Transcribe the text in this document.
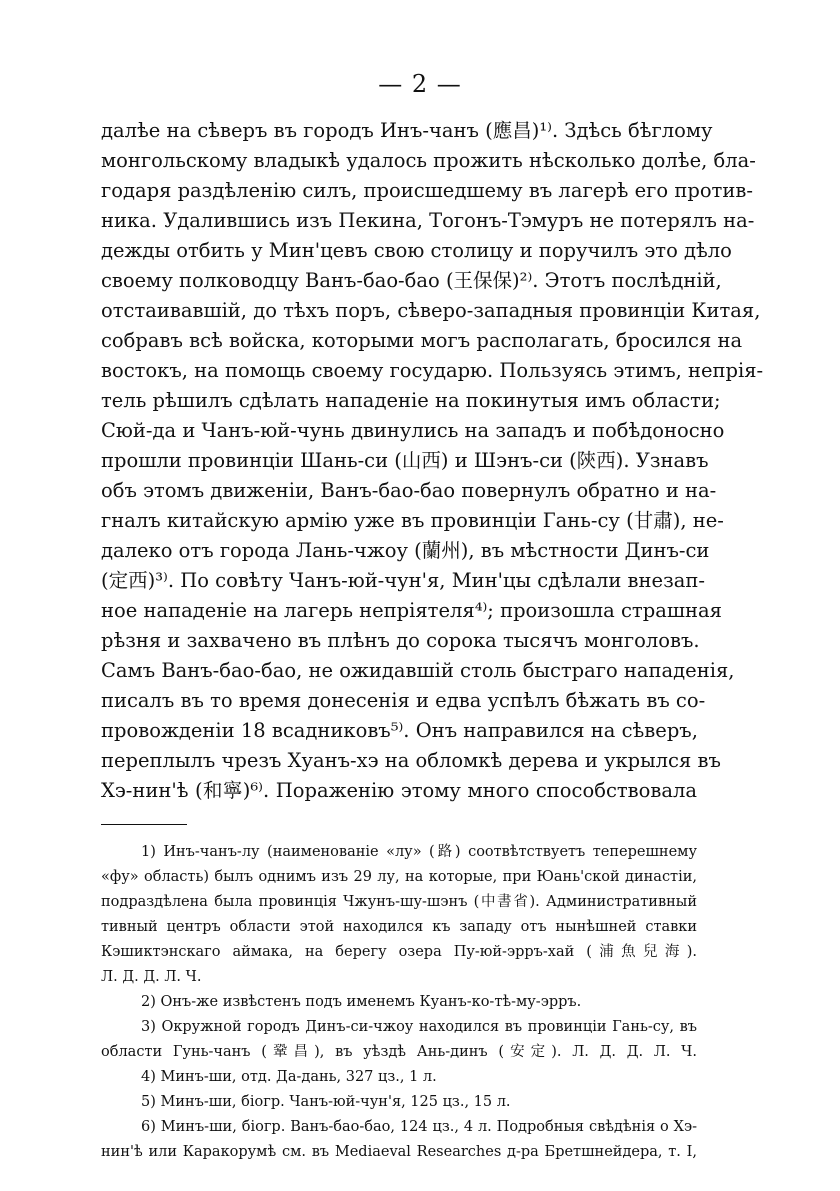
— 2 —
далѣе на сѣверъ въ городъ Инъ-чанъ (應昌)¹⁾. Здѣсь бѣглому
монгольскому владыкѣ удалось прожить нѣсколько долѣе, бла-
годаря раздѣленію силъ, происшедшему въ лагерѣ его против-
ника. Удалившись изъ Пекина, Тогонъ-Тэмуръ не потерялъ на-
дежды отбить у Мин'цевъ свою столицу и поручилъ это дѣло
своему полководцу Ванъ-бао-бао (王保保)²⁾. Этотъ послѣдній,
отстаивавшій, до тѣхъ поръ, сѣверо-западныя провинціи Китая,
собравъ всѣ войска, которыми могъ располагать, бросился на
востокъ, на помощь своему государю. Пользуясь этимъ, непрія-
тель рѣшилъ сдѣлать нападеніе на покинутыя имъ области;
Сюй-да и Чанъ-юй-чунь двинулись на западъ и побѣдоносно
прошли провинціи Шань-си (山西) и Шэнъ-си (陝西). Узнавъ
объ этомъ движеніи, Ванъ-бао-бао повернулъ обратно и на-
гналъ китайскую армію уже въ провинціи Гань-су (甘肅), не-
далеко отъ города Лань-чжоу (蘭州), въ мѣстности Динъ-си
(定西)³⁾. По совѣту Чанъ-юй-чун'я, Мин'цы сдѣлали внезап-
ное нападеніе на лагерь непріятеля⁴⁾; произошла страшная
рѣзня и захвачено въ плѣнъ до сорока тысячъ монголовъ.
Самъ Ванъ-бао-бао, не ожидавшій столь быстраго нападенія,
писалъ въ то время донесенія и едва успѣлъ бѣжать въ со-
провожденіи 18 всадниковъ⁵⁾. Онъ направился на сѣверъ,
переплылъ чрезъ Хуанъ-хэ на обломкѣ дерева и укрылся въ
Хэ-нин'ѣ (和寧)⁶⁾. Пораженію этому много способствовала
1) Инъ-чанъ-лу (наименованіе «лу» (路) соотвѣтствуетъ теперешнему
«фу» область) былъ однимъ изъ 29 лу, на которые, при Юань'ской династіи,
подраздѣлена была провинція Чжунъ-шу-шэнъ (中書省). Административный
тивный центръ области этой находился къ западу отъ нынѣшней ставки
Кэшиктэнскаго аймака, на берегу озера Пу-юй-эрръ-хай (浦魚兒海).
Л. Д. Д. Л. Ч.
2) Онъ-же извѣстенъ подъ именемъ Куанъ-ко-тѣ-му-эрръ.
3) Окружной городъ Динъ-си-чжоу находился въ провинціи Гань-су, въ
области Гунь-чанъ (鞏昌), въ уѣздѣ Ань-динъ (安定). Л. Д. Д. Л. Ч.
4) Минъ-ши, отд. Да-дань, 327 цз., 1 л.
5) Минъ-ши, біогр. Чанъ-юй-чун'я, 125 цз., 15 л.
6) Минъ-ши, біогр. Ванъ-бао-бао, 124 цз., 4 л. Подробныя свѣдѣнія о Хэ-
нин'ѣ или Каракорумѣ см. въ Mediaeval Researches д-ра Бретшнейдера, т. I,
